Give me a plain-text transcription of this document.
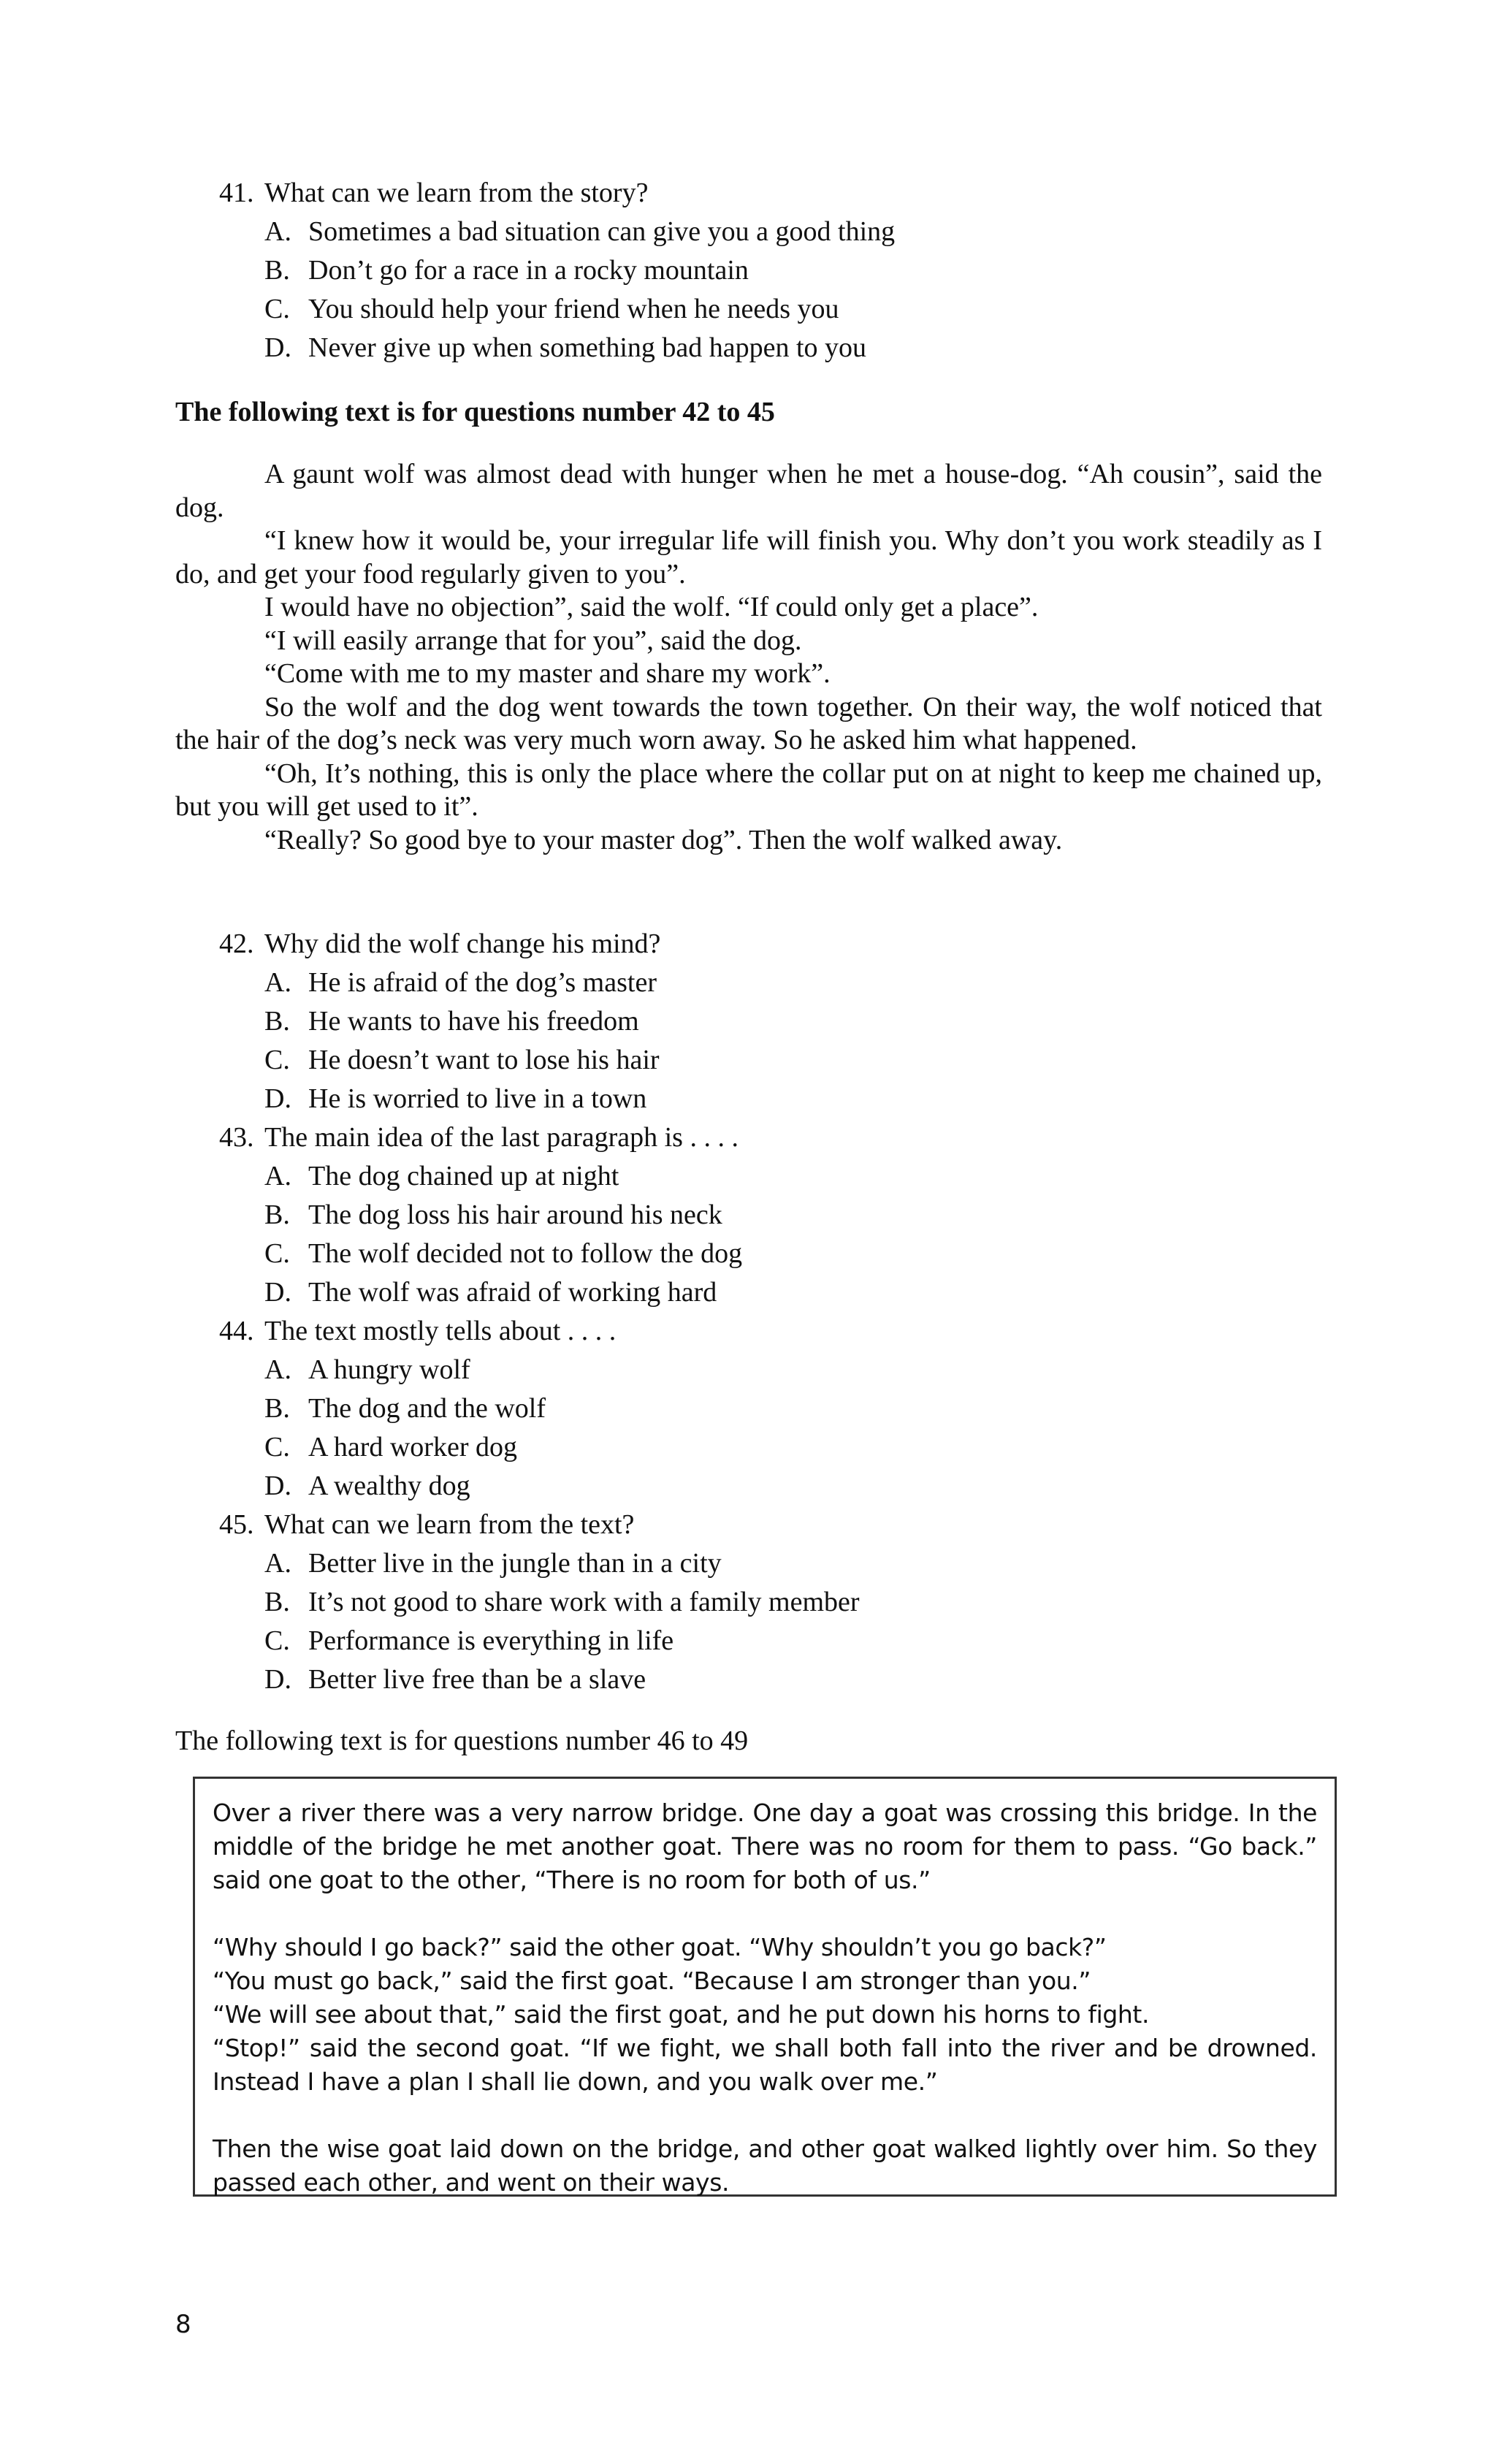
41. What can we learn from the story?
A. Sometimes a bad situation can give you a good thing
B. Don’t go for a race in a rocky mountain
C. You should help your friend when he needs you
D. Never give up when something bad happen to you
The following text is for questions number 42 to 45

A gaunt wolf was almost dead with hunger when he met a house-dog. “Ah cousin”, said the dog.

“I knew how it would be, your irregular life will finish you. Why don’t you work steadily as I do, and get your food regularly given to you”.

I would have no objection”, said the wolf. “If could only get a place”.

“I will easily arrange that for you”, said the dog.

“Come with me to my master and share my work”.

So the wolf and the dog went towards the town together. On their way, the wolf noticed that the hair of the dog’s neck was very much worn away. So he asked him what happened.

“Oh, It’s nothing, this is only the place where the collar put on at night to keep me chained up, but you will get used to it”.

“Really? So good bye to your master dog”. Then the wolf walked away.

42. Why did the wolf change his mind?
A. He is afraid of the dog’s master
B. He wants to have his freedom
C. He doesn’t want to lose his hair
D. He is worried to live in a town
43. The main idea of the last paragraph is . . . .
A. The dog chained up at night
B. The dog loss his hair around his neck
C. The wolf decided not to follow the dog
D. The wolf was afraid of working hard
44. The text mostly tells about . . . .
A. A hungry wolf
B. The dog and the wolf
C. A hard worker dog
D. A wealthy dog
45. What can we learn from the text?
A. Better live in the jungle than in a city
B. It’s not good to share work with a family member
C. Performance is everything in life
D. Better live free than be a slave
The following text is for questions number 46 to 49

Over a river there was a very narrow bridge. One day a goat was crossing this bridge. In the middle of the bridge he met another goat. There was no room for them to pass. “Go back.” said one goat to the other, “There is no room for both of us.”

“Why should I go back?” said the other goat. “Why shouldn’t you go back?”

“You must go back,” said the first goat. “Because I am stronger than you.”

“We will see about that,” said the first goat, and he put down his horns to fight.

“Stop!” said the second goat. “If we fight, we shall both fall into the river and be drowned. Instead I have a plan I shall lie down, and you walk over me.”

Then the wise goat laid down on the bridge, and other goat walked lightly over him. So they passed each other, and went on their ways.

8
